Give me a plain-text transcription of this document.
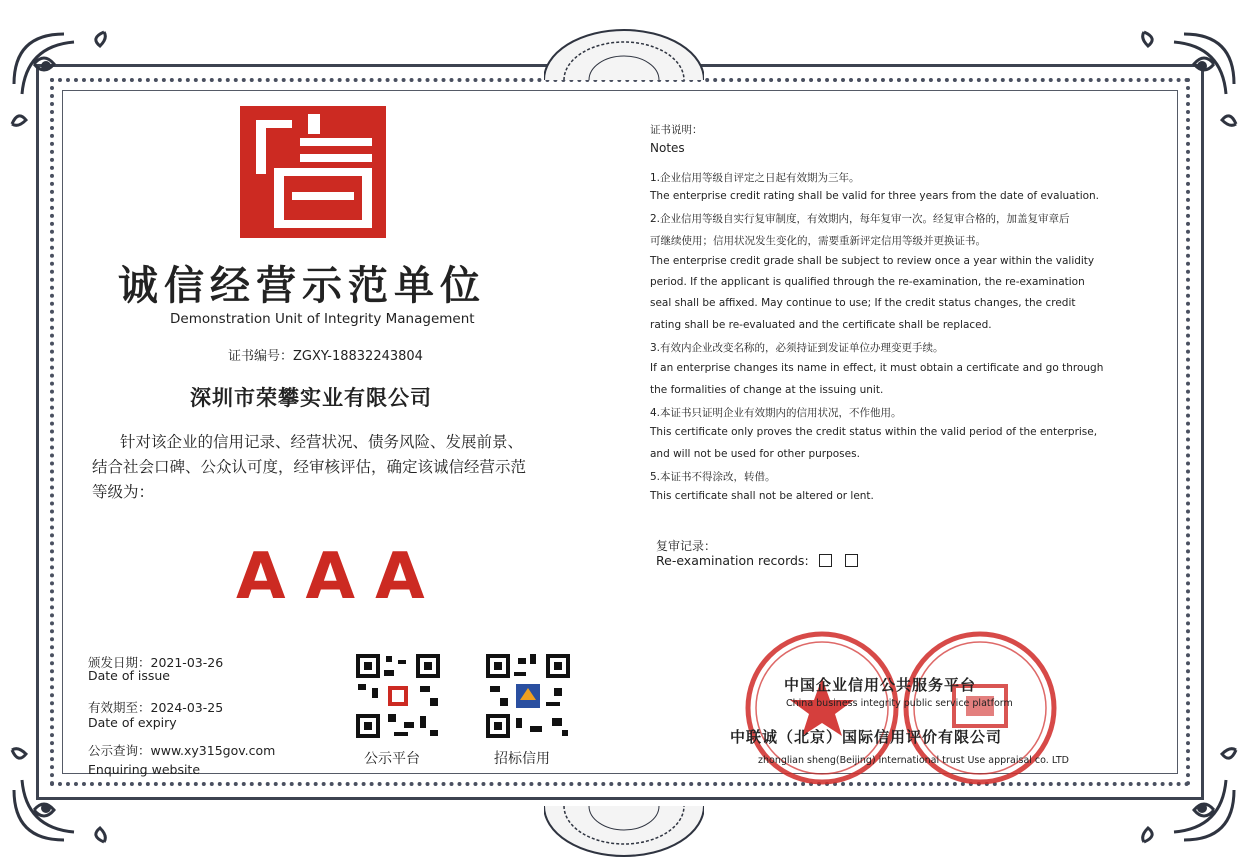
诚信经营示范单位
Demonstration Unit of Integrity Management
证书编号：ZGXY-18832243804
深圳市荣攀实业有限公司
针对该企业的信用记录、经营状况、债务风险、发展前景、
结合社会口碑、公众认可度，经审核评估，确定该诚信经营示范
等级为：
AAA
颁发日期：2021-03-26
Date of issue
有效期至：2024-03-25
Date of expiry
公示查询：www.xy315gov.com
Enquiring website
公示平台	招标信用
证书说明：
Notes
1.企业信用等级自评定之日起有效期为三年。
The enterprise credit rating shall be valid for three years from the date of evaluation.
2.企业信用等级自实行复审制度，有效期内，每年复审一次。经复审合格的，加盖复审章后
可继续使用；信用状况发生变化的，需要重新评定信用等级并更换证书。
The enterprise credit grade shall be subject to review once a year within the validity
period. If the applicant is qualified through the re-examination, the re-examination
seal shall be affixed. May continue to use; If the credit status changes, the credit
rating shall be re-evaluated and the certificate shall be replaced.
3.有效内企业改变名称的，必须持证到发证单位办理变更手续。
If an enterprise changes its name in effect, it must obtain a certificate and go through
the formalities of change at the issuing unit.
4.本证书只证明企业有效期内的信用状况，不作他用。
This certificate only proves the credit status within the valid period of the enterprise,
and will not be used for other purposes.
5.本证书不得涂改，转借。
This certificate shall not be altered or lent.
复审记录：
Re-examination records:
中国企业信用公共服务平台
China business integrity public service platform
中联诚（北京）国际信用评价有限公司
zhonglian sheng(Beijing) international trust Use appraisal co. LTD
